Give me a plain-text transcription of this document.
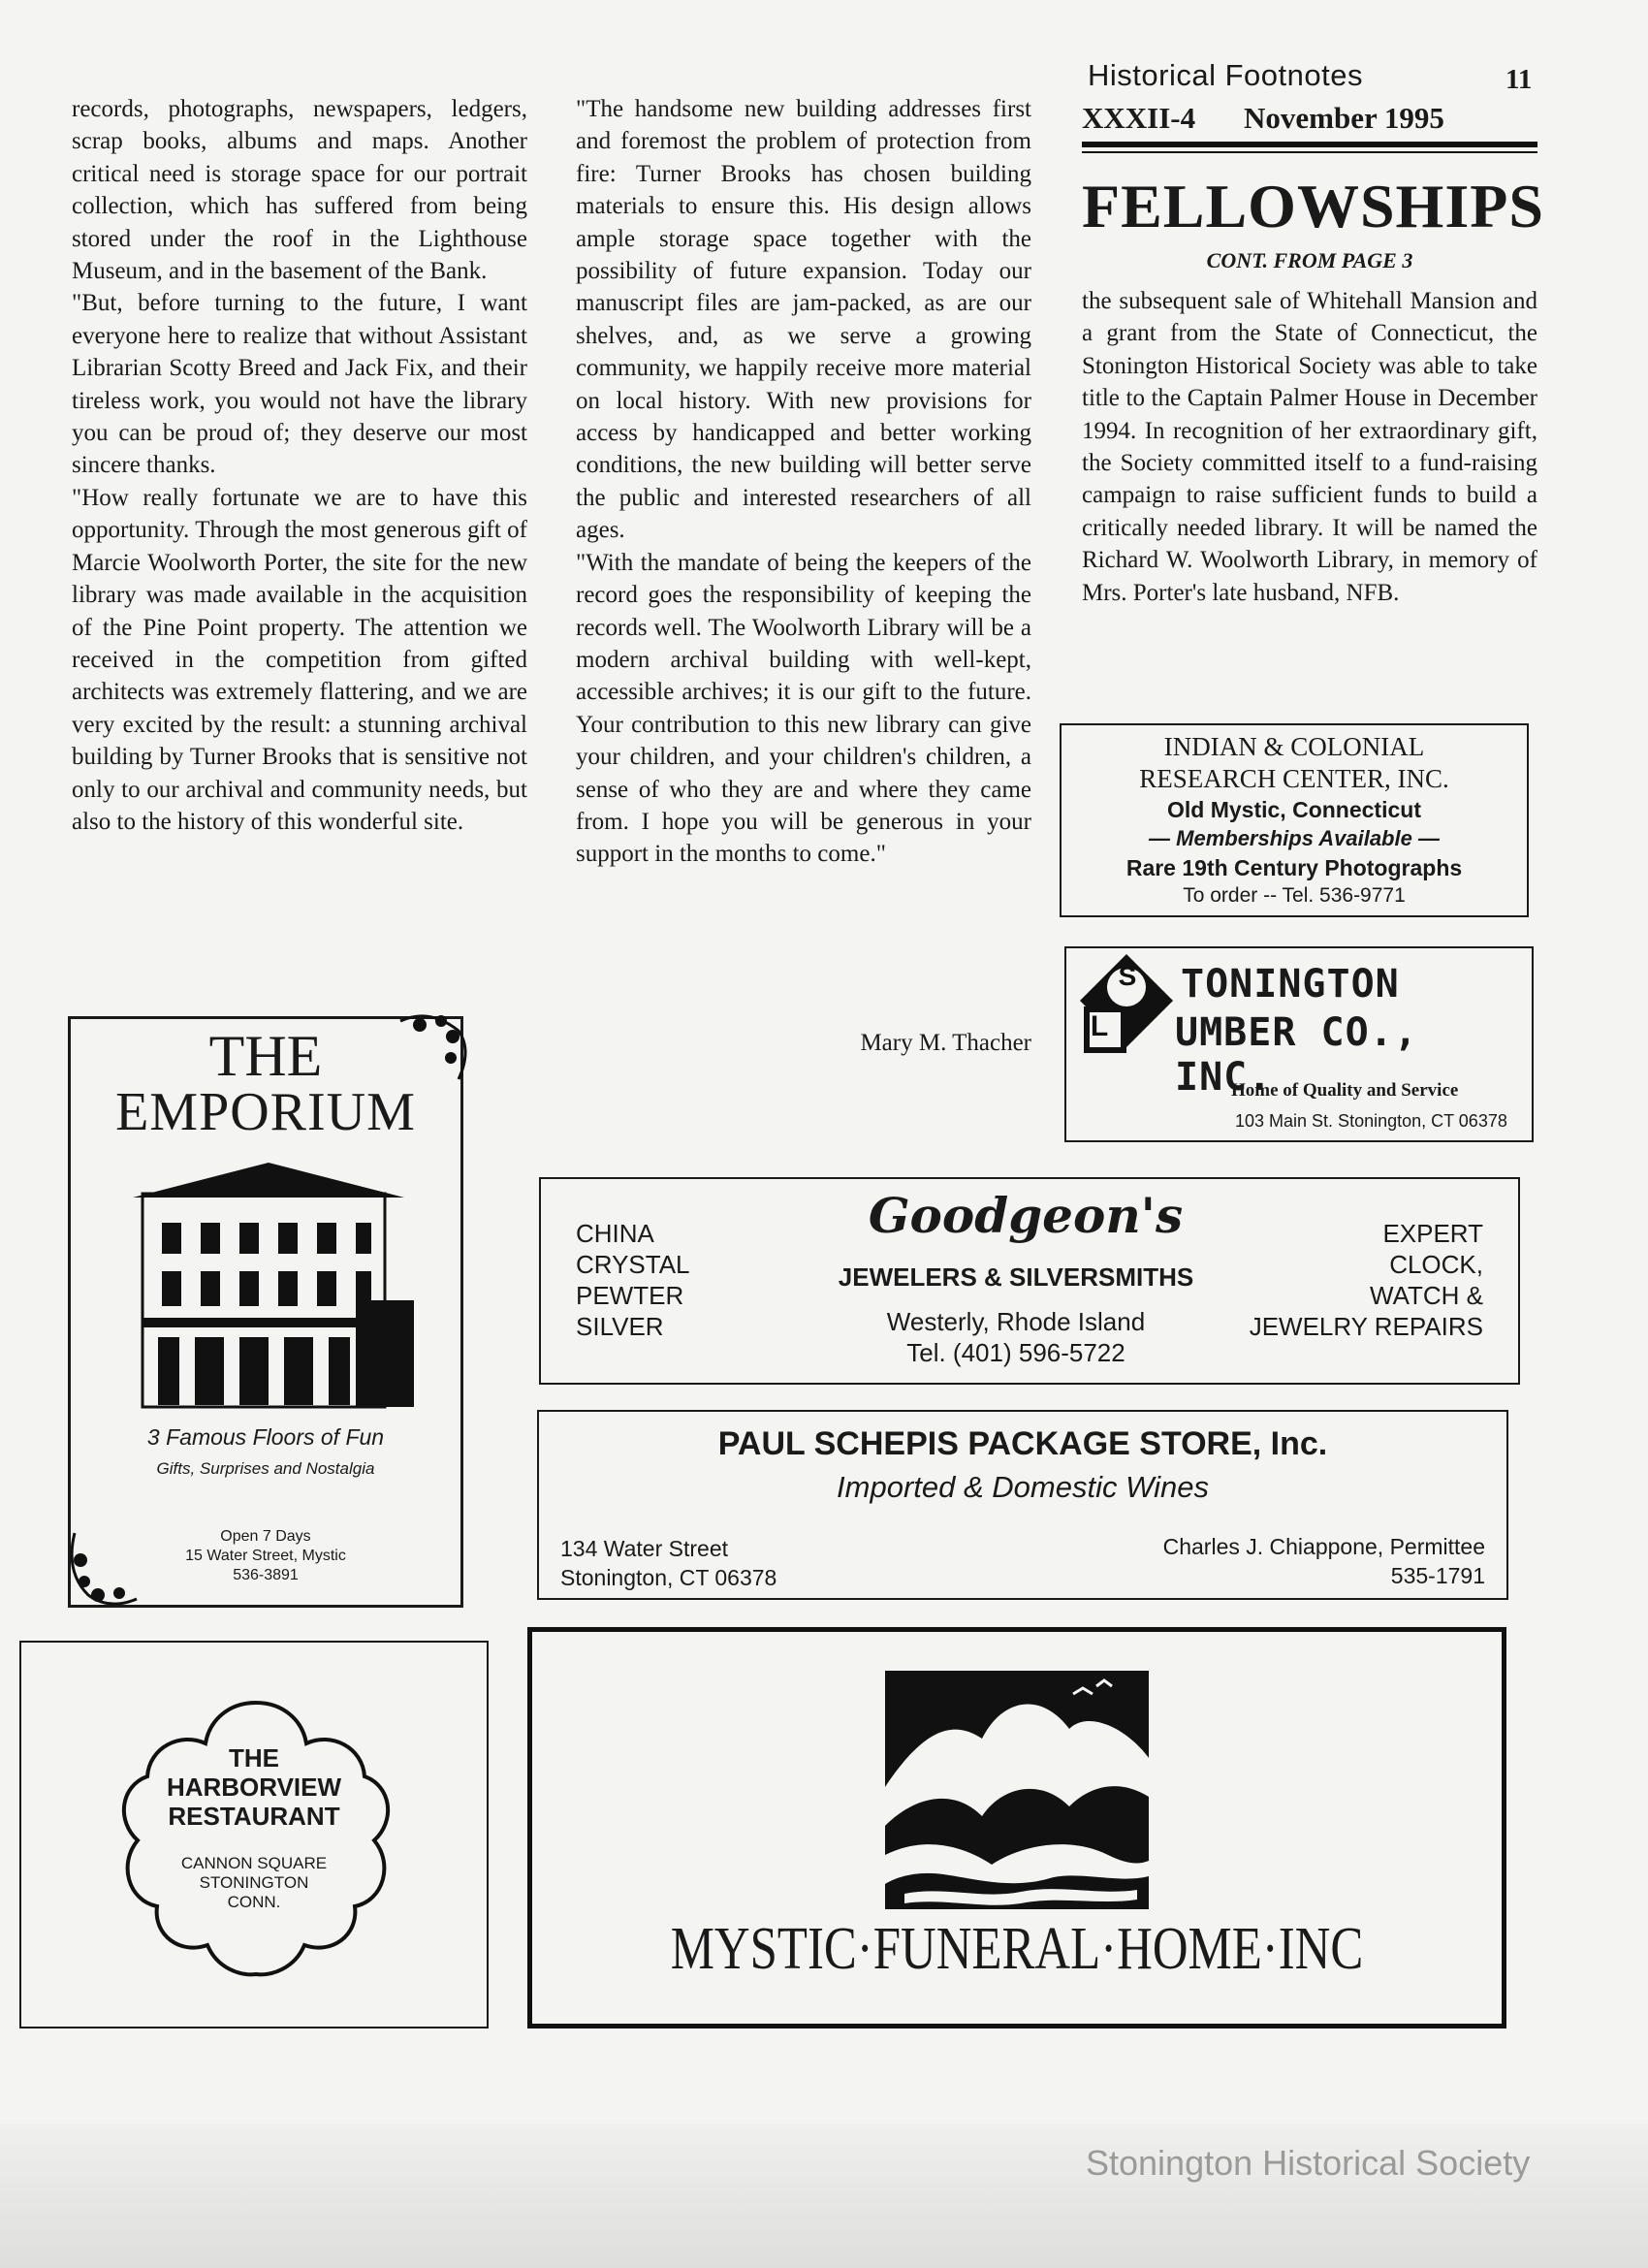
Historical Footnotes	11
XXXII-4 November 1995

records, photographs, newspapers, ledgers, scrap books, albums and maps. Another critical need is storage space for our portrait collection, which has suffered from being stored under the roof in the Lighthouse Museum, and in the basement of the Bank.

"But, before turning to the future, I want everyone here to realize that without Assistant Librarian Scotty Breed and Jack Fix, and their tireless work, you would not have the library you can be proud of; they deserve our most sincere thanks.

"How really fortunate we are to have this opportunity. Through the most generous gift of Marcie Woolworth Porter, the site for the new library was made available in the acquisition of the Pine Point property. The attention we received in the competition from gifted architects was extremely flattering, and we are very excited by the result: a stunning archival building by Turner Brooks that is sensitive not only to our archival and community needs, but also to the history of this wonderful site.

"The handsome new building addresses first and foremost the problem of protection from fire: Turner Brooks has chosen building materials to ensure this. His design allows ample storage space together with the possibility of future expansion. Today our manuscript files are jam-packed, as are our shelves, and, as we serve a growing community, we happily receive more material on local history. With new provisions for access by handicapped and better working conditions, the new building will better serve the public and interested researchers of all ages.

"With the mandate of being the keepers of the record goes the responsibility of keeping the records well. The Woolworth Library will be a modern archival building with well-kept, accessible archives; it is our gift to the future. Your contribution to this new library can give your children, and your children's children, a sense of who they are and where they came from. I hope you will be generous in your support in the months to come."

Mary M. Thacher
FELLOWSHIPS
CONT. FROM PAGE 3

the subsequent sale of Whitehall Mansion and a grant from the State of Connecticut, the Stonington Historical Society was able to take title to the Captain Palmer House in December 1994. In recognition of her extraordinary gift, the Society committed itself to a fund-raising campaign to raise sufficient funds to build a critically needed library. It will be named the Richard W. Woolworth Library, in memory of Mrs. Porter's late husband, NFB.

INDIAN & COLONIAL
RESEARCH CENTER, INC.
Old Mystic, Connecticut
— Memberships Available —
Rare 19th Century Photographs
To order -- Tel. 536-9771
S
L
TONINGTON
UMBER CO., INC.
Home of Quality and Service
103 Main St. Stonington, CT 06378
THE
EMPORIUM
3 Famous Floors of Fun
Gifts, Surprises and Nostalgia
Open 7 Days
15 Water Street, Mystic
536-3891
CHINA
CRYSTAL
PEWTER
SILVER
Goodgeon's
JEWELERS & SILVERSMITHS
Westerly, Rhode Island
Tel. (401) 596-5722
EXPERT
CLOCK,
WATCH &
JEWELRY REPAIRS
PAUL SCHEPIS PACKAGE STORE, Inc.
Imported & Domestic Wines
134 Water Street
Stonington, CT 06378
Charles J. Chiappone, Permittee
535-1791
THE
HARBORVIEW
RESTAURANT
CANNON SQUARE
STONINGTON
CONN.
MYSTIC·FUNERAL·HOME·INC
Stonington Historical Society
